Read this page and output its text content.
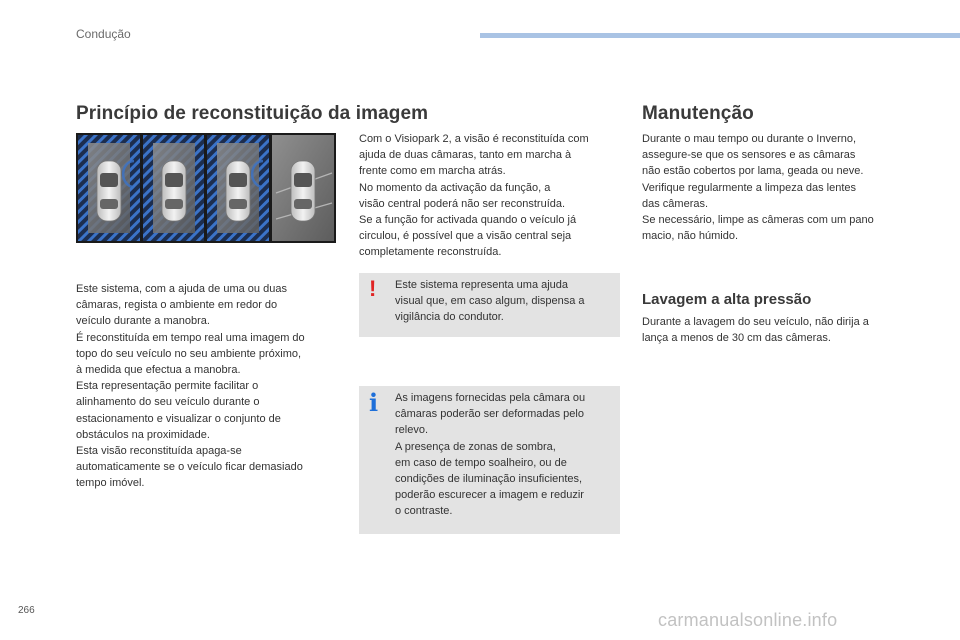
Condução
Princípio de reconstituição da imagem
Este sistema, com a ajuda de uma ou duas
câmaras, regista o ambiente em redor do
veículo durante a manobra.
É reconstituída em tempo real uma imagem do
topo do seu veículo no seu ambiente próximo,
à medida que efectua a manobra.
Esta representação permite facilitar o
alinhamento do seu veículo durante o
estacionamento e visualizar o conjunto de
obstáculos na proximidade.
Esta visão reconstituída apaga-se
automaticamente se o veículo ficar demasiado
tempo imóvel.
Com o Visiopark 2, a visão é reconstituída com
ajuda de duas câmaras, tanto em marcha à
frente como em marcha atrás.
No momento da activação da função, a
visão central poderá não ser reconstruída.
Se a função for activada quando o veículo já
circulou, é possível que a visão central seja
completamente reconstruída.
! Este sistema representa uma ajuda
visual que, em caso algum, dispensa a
vigilância do condutor.
i As imagens fornecidas pela câmara ou
câmaras poderão ser deformadas pelo
relevo.
A presença de zonas de sombra,
em caso de tempo soalheiro, ou de
condições de iluminação insuficientes,
poderão escurecer a imagem e reduzir
o contraste.
Manutenção
Durante o mau tempo ou durante o Inverno,
assegure-se que os sensores e as câmaras
não estão cobertos por lama, geada ou neve.
Verifique regularmente a limpeza das lentes
das câmeras.
Se necessário, limpe as câmeras com um pano
macio, não húmido.
Lavagem a alta pressão
Durante a lavagem do seu veículo, não dirija a
lança a menos de 30 cm das câmeras.
266	carmanualsonline.info
